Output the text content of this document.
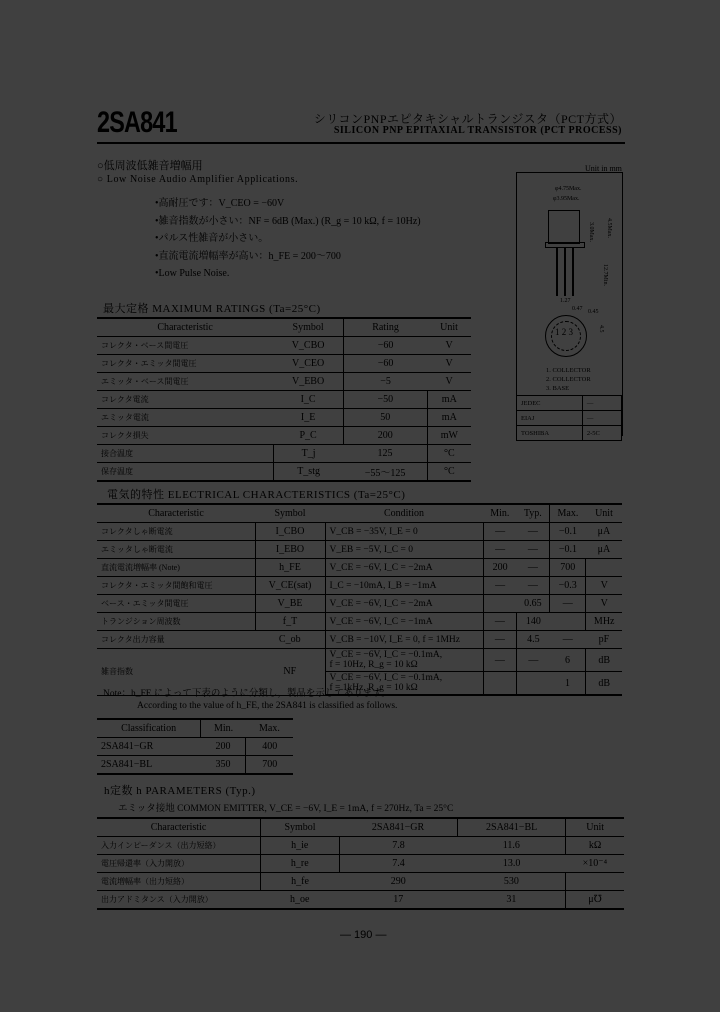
2SA841	シリコンPNPエピタキシャルトランジスタ（PCT方式）
SILICON PNP EPITAXIAL TRANSISTOR (PCT PROCESS)
○低周波低雑音増幅用
○ Low Noise Audio Amplifier Applications.
• 高耐圧です：V_CEO = −60V
• 雑音指数が小さい：NF = 6dB (Max.) (R_g = 10 kΩ, f = 10Hz)
• パルス性雑音が小さい。
• 直流電流増幅率が高い：h_FE = 200〜700
• Low Pulse Noise.
Unit in mm
φ4.75Max.
φ3.95Max.
3.0Max. 4.5Max.
12.7Min.
1.27
0.47 0.45
1 2 3	4.5
1. COLLECTOR
2. COLLECTOR
3. BASE
JEDEC	—
EIAJ	—
TOSHIBA	2-5C
最大定格 MAXIMUM RATINGS (Ta=25°C)
Characteristic	Symbol	Rating	Unit
コレクタ・ベース間電圧	V_CBO	−60	V
コレクタ・エミッタ間電圧	V_CEO	−60	V
エミッタ・ベース間電圧	V_EBO	−5	V
コレクタ電流	I_C	−50	mA
エミッタ電流	I_E	50	mA
コレクタ損失	P_C	200	mW
接合温度	T_j	125	°C
保存温度	T_stg	−55〜125	°C
電気的特性 ELECTRICAL CHARACTERISTICS (Ta=25°C)
Characteristic	Symbol	Condition	Min.	Typ.	Max.	Unit
コレクタしゃ断電流	I_CBO	V_CB = −35V, I_E = 0	—	—	−0.1	μA
エミッタしゃ断電流	I_EBO	V_EB = −5V, I_C = 0	—	—	−0.1	μA
直流電流増幅率 (Note)	h_FE	V_CE = −6V, I_C = −2mA	200	—	700	
コレクタ・エミッタ間飽和電圧	V_CE(sat)	I_C = −10mA, I_B = −1mA	—	—	−0.3	V
ベース・エミッタ間電圧	V_BE	V_CE = −6V, I_C = −2mA		0.65	—	V
トランジション周波数	f_T	V_CE = −6V, I_C = −1mA	—	140		MHz
コレクタ出力容量	C_ob	V_CB = −10V, I_E = 0, f = 1MHz	—	4.5	—	pF
雑音指数	NF	V_CE = −6V, I_C = −0.1mA,
f = 10Hz, R_g = 10 kΩ	—	—	6	dB

		V_CE = −6V, I_C = −0.1mA,
f = 1kHz, R_g = 10 kΩ			1	dB
Note：h_FE によって下表のように分類し，製品を示してあります。
According to the value of h_FE, the 2SA841 is classified as follows.
Classification	Min.	Max.
2SA841−GR	200	400
2SA841−BL	350	700
h定数 h PARAMETERS (Typ.)
エミッタ接地 COMMON EMITTER, V_CE = −6V, I_E = 1mA, f = 270Hz, Ta = 25°C
Characteristic	Symbol	2SA841−GR	2SA841−BL	Unit
入力インピーダンス（出力短絡）	h_ie	7.8	11.6	kΩ
電圧帰還率（入力開放）	h_re	7.4	13.0	×10⁻⁴
電流増幅率（出力短絡）	h_fe	290	530	
出力アドミタンス（入力開放）	h_oe	17	31	μ℧
— 190 —
